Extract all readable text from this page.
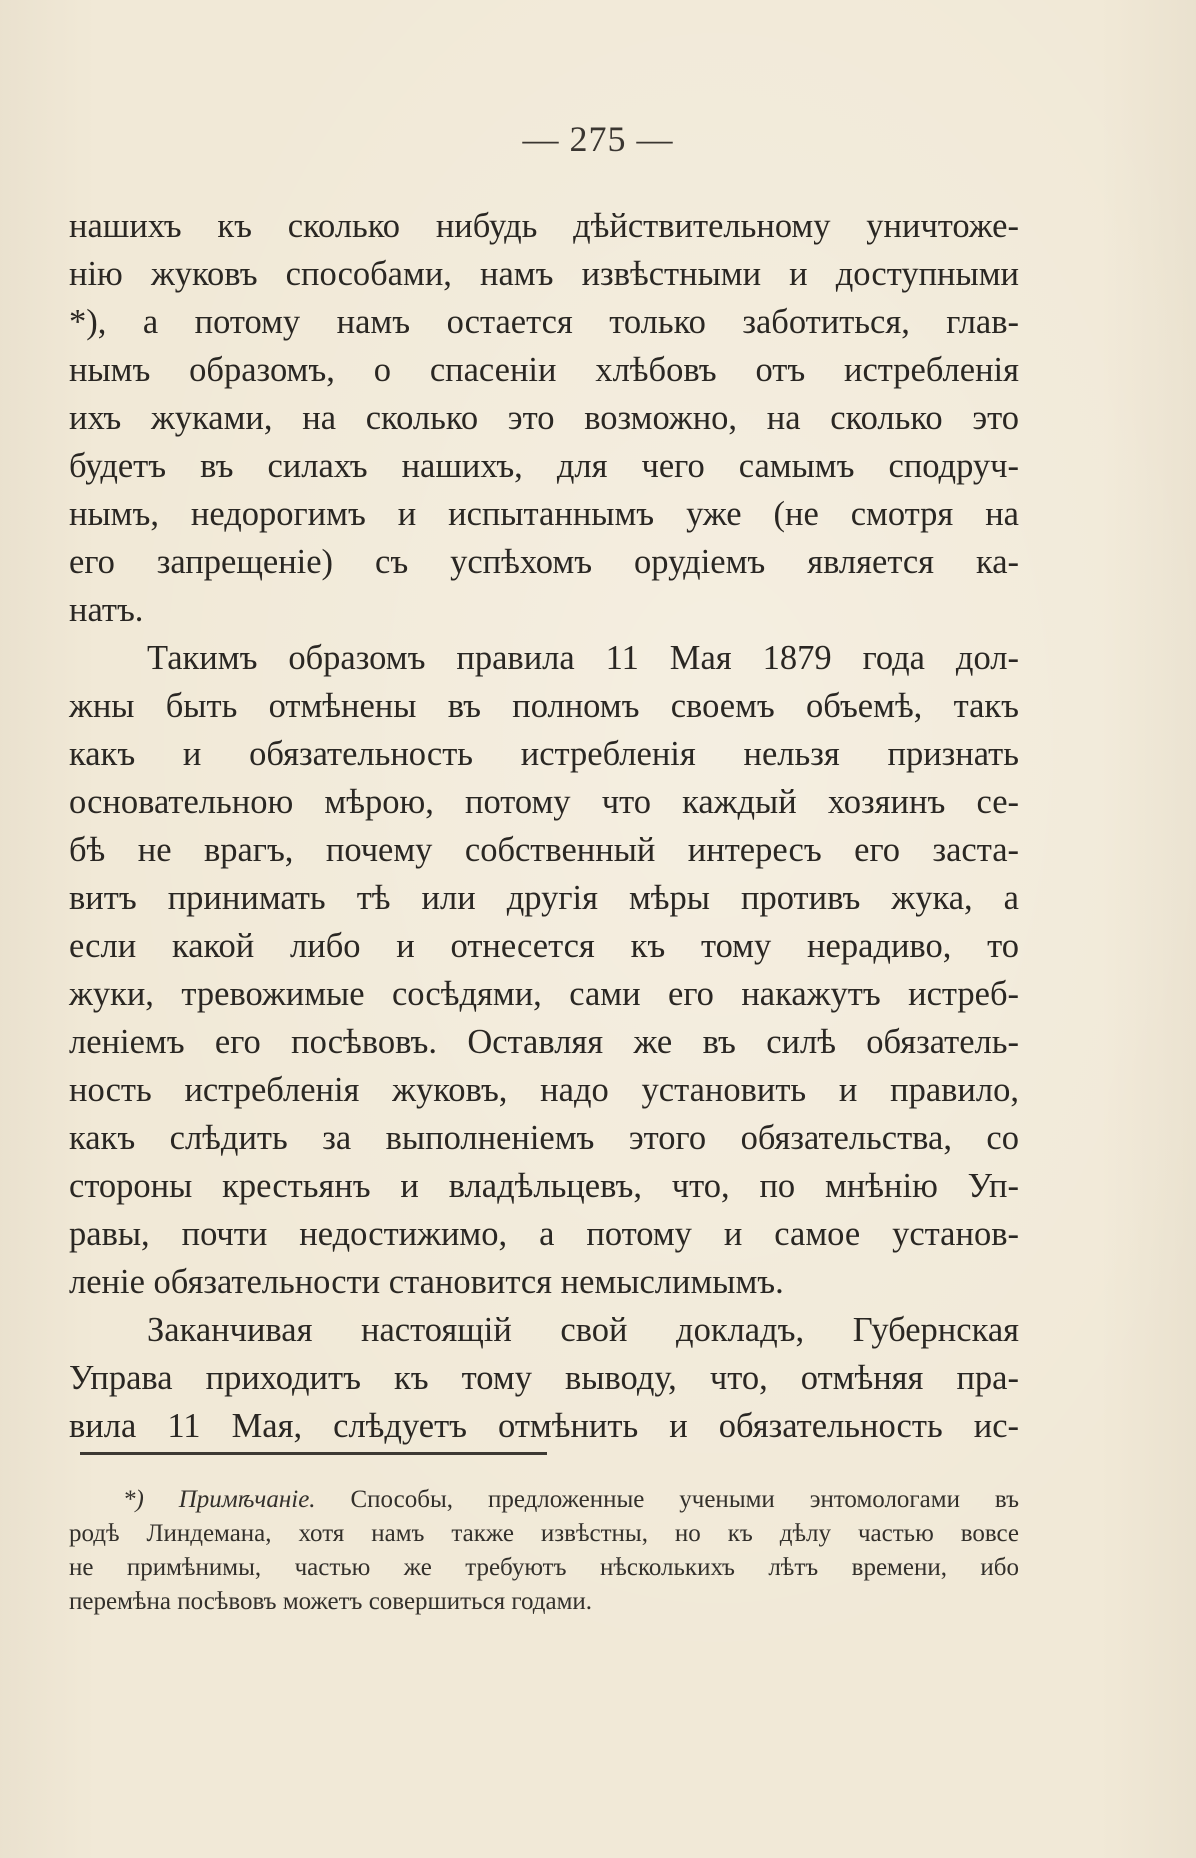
— 275 —
нашихъ къ сколько нибудь дѣйствительному уничтоже-
нію жуковъ способами, намъ извѣстными и доступными
*), а потому намъ остается только заботиться, глав-
нымъ образомъ, о спасеніи хлѣбовъ отъ истребленія
ихъ жуками, на сколько это возможно, на сколько это
будетъ въ силахъ нашихъ, для чего самымъ сподруч-
нымъ, недорогимъ и испытаннымъ уже (не смотря на
его запрещеніе) съ успѣхомъ орудіемъ является ка-
натъ.
Такимъ образомъ правила 11 Мая 1879 года дол-
жны быть отмѣнены въ полномъ своемъ объемѣ, такъ
какъ и обязательность истребленія нельзя признать
основательною мѣрою, потому что каждый хозяинъ се-
бѣ не врагъ, почему собственный интересъ его заста-
витъ принимать тѣ или другія мѣры противъ жука, а
если какой либо и отнесется къ тому нерадиво, то
жуки, тревожимые сосѣдями, сами его накажутъ истреб-
леніемъ его посѣвовъ. Оставляя же въ силѣ обязатель-
ность истребленія жуковъ, надо установить и правило,
какъ слѣдить за выполненіемъ этого обязательства, со
стороны крестьянъ и владѣльцевъ, что, по мнѣнію Уп-
равы, почти недостижимо, а потому и самое установ-
леніе обязательности становится немыслимымъ.
Заканчивая настоящій свой докладъ, Губернская
Управа приходитъ къ тому выводу, что, отмѣняя пра-
вила 11 Мая, слѣдуетъ отмѣнить и обязательность ис-
*) Примѣчаніе. Способы, предложенные учеными энтомологами въ
родѣ Линдемана, хотя намъ также извѣстны, но къ дѣлу частью вовсе
не примѣнимы, частью же требуютъ нѣсколькихъ лѣтъ времени, ибо
перемѣна посѣвовъ можетъ совершиться годами.
